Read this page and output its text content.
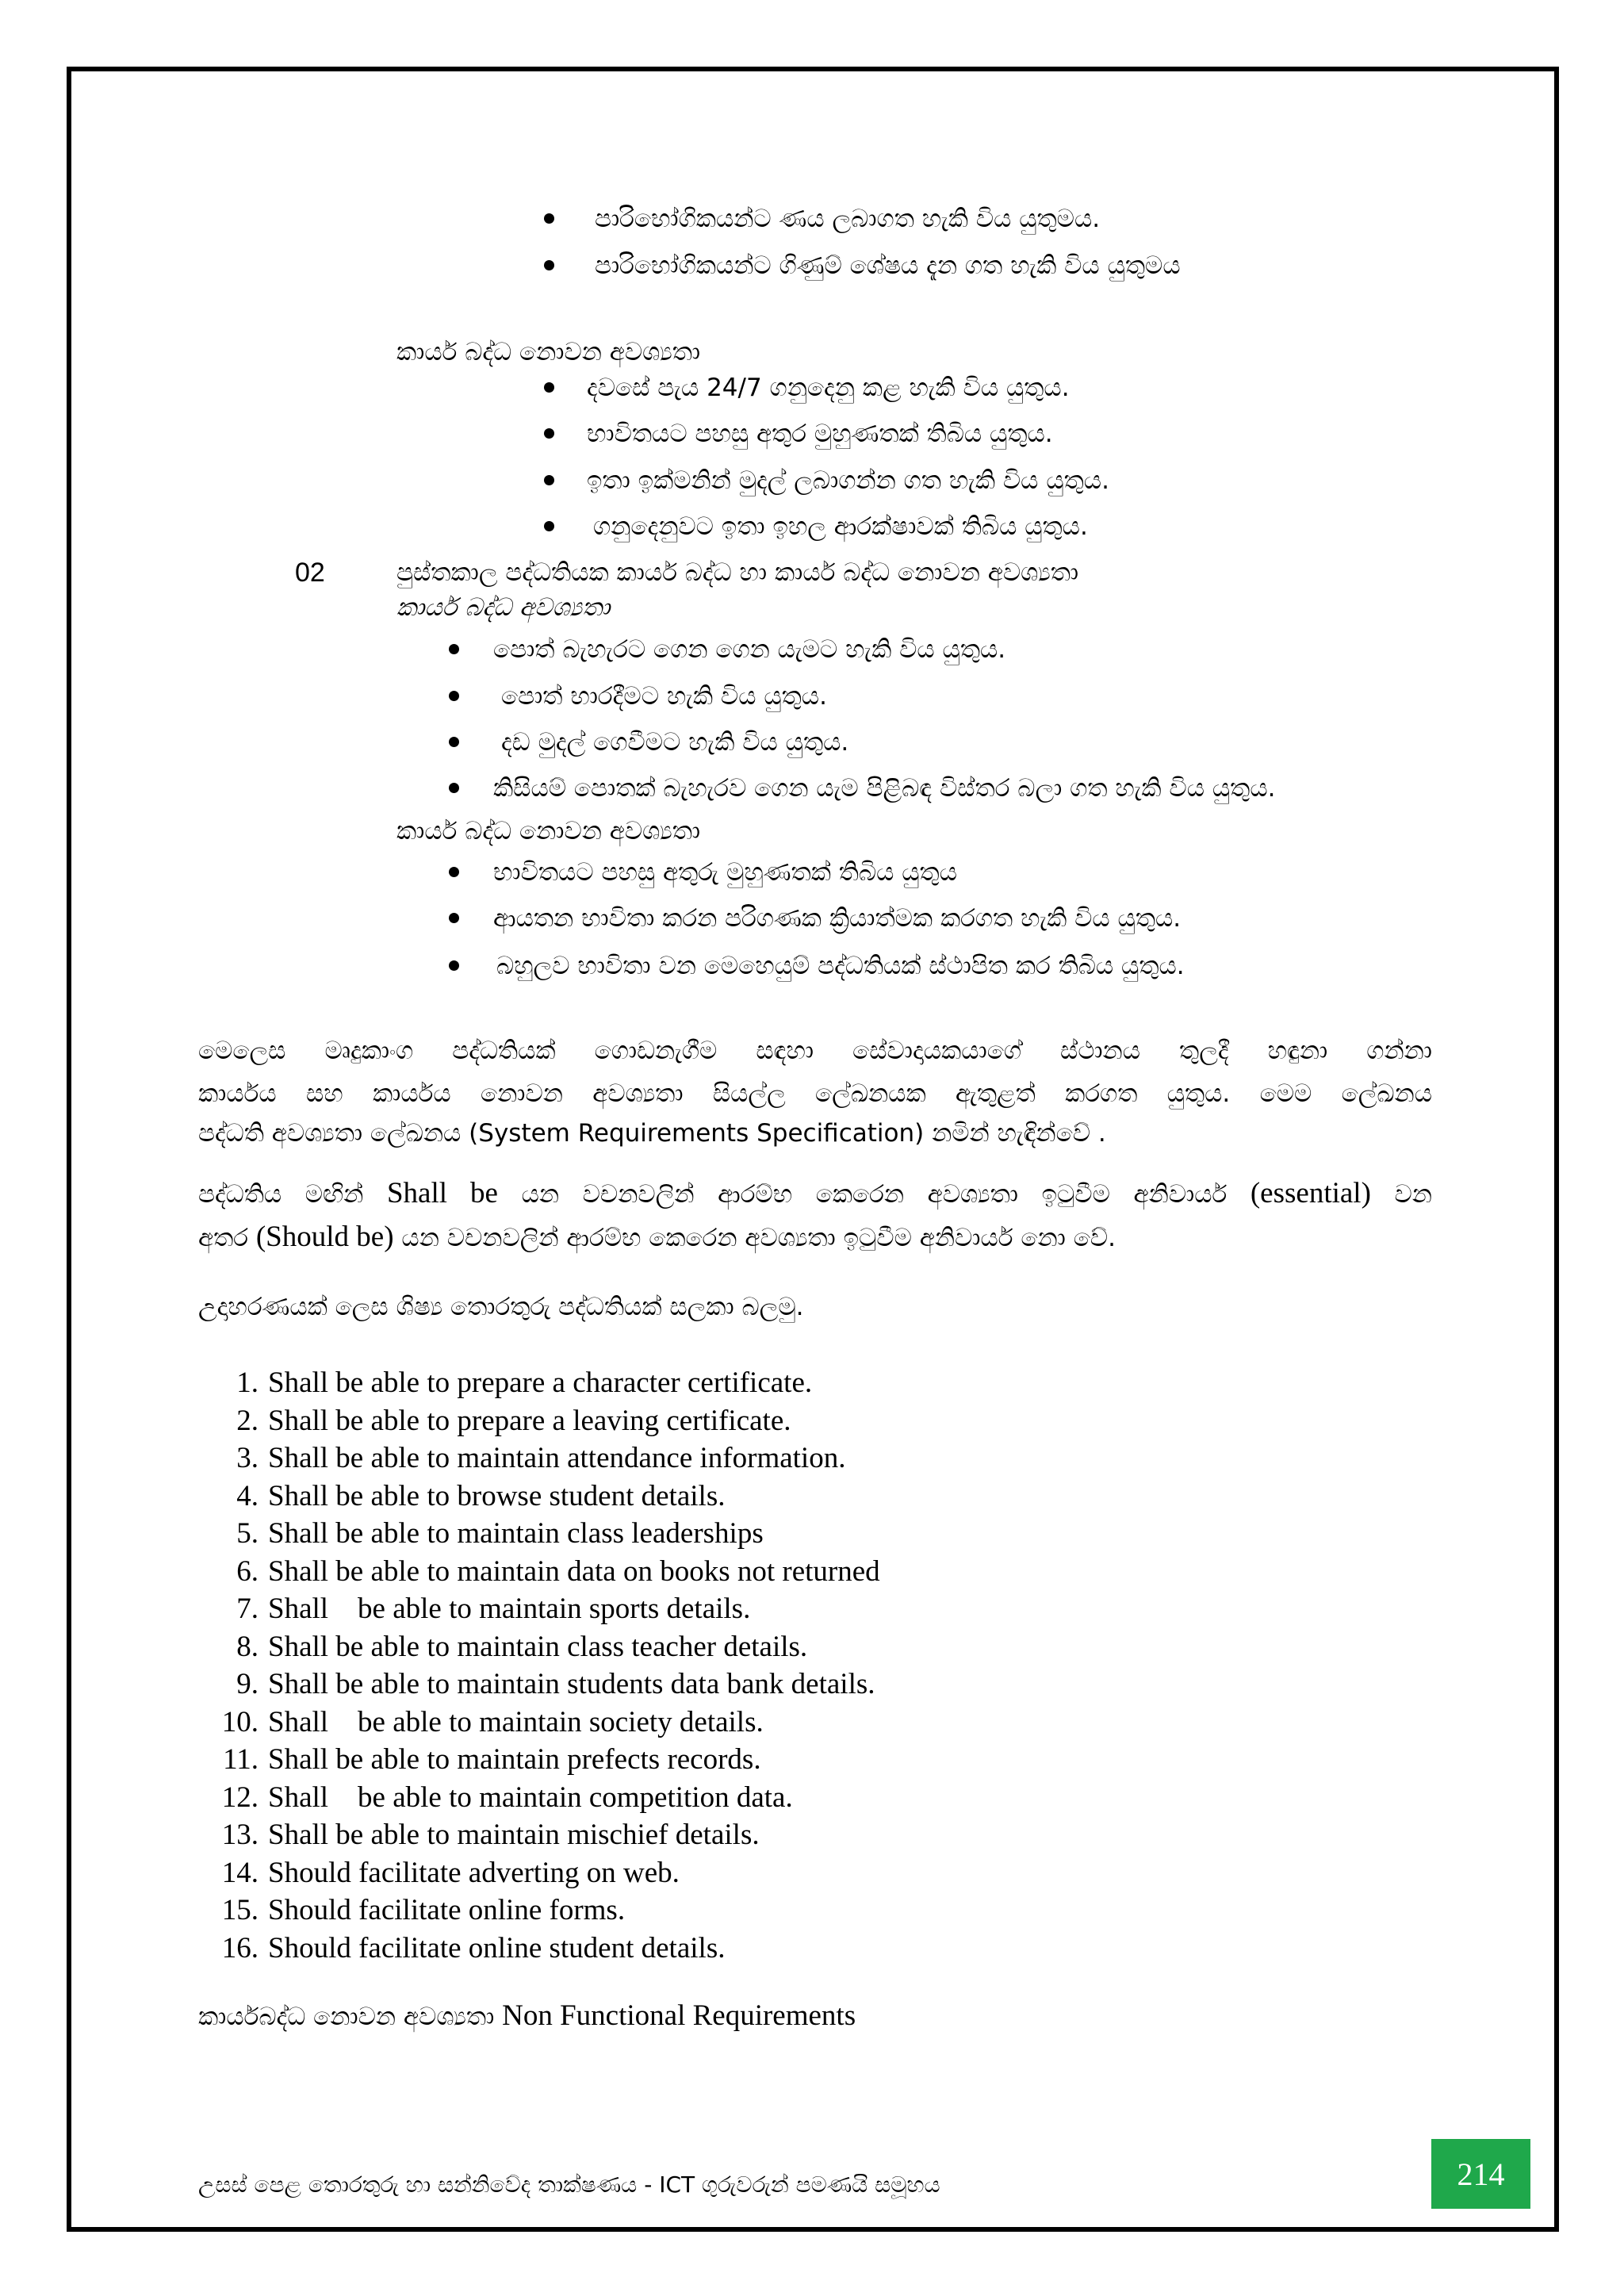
පාරිභෝගිකයන්ට ණය ලබාගත හැකි විය යුතුමය.
පාරිභෝගිකයන්ට ගිණුම් ශේෂය දැන ගත හැකි විය යුතුමය
කාර්ය බද්ධ නොවන අවශ්‍යතා
දවසේ පැය 24/7 ගනුදෙනු කළ හැකි විය යුතුය.
භාවිතයට පහසු අතුර මුහුණතක් තිබිය යුතුය.
ඉතා ඉක්මනින් මුදල් ලබාගන්න ගත හැකි විය යුතුය.
ගනුදෙනුවට ඉතා ඉහල ආරක්ෂාවක් තිබිය යුතුය.
02	පුස්තකාල පද්ධතියක කාර්ය බද්ධ හා කාර්ය බද්ධ නොවන අවශ්‍යතා
කාර්ය බද්ධ අවශ්‍යතා
පොත් බැහැරට ගෙන ගෙන යැමට හැකි විය යුතුය.
පොත් භාරදීමට හැකි විය යුතුය.
දඩ මුදල් ගෙවීමට හැකි විය යුතුය.
කිසියම් පොතක් බැහැරව ගෙන යැම පිළිබඳ විස්තර බලා ගත හැකි විය යුතුය.
කාර්ය බද්ධ නොවන අවශ්‍යතා
භාවිතයට පහසු අතුරු මුහුණතක් තිබිය යුතුය
ආයතන භාවිතා කරන පරිගණක ක්‍රියාත්මක කරගත හැකි විය යුතුය.
බහුලව භාවිතා වන මෙහෙයුම් පද්ධතියක් ස්ථාපිත කර තිබිය යුතුය.
මෙලෙස මෘදුකාංග පද්ධතියක් ගොඩනැගීම සඳහා සේවාදායකයාගේ ස්ථානය තුලදී හඳුනා ගන්නා
කාර්යය සහ කාර්යය නොවන අවශ්‍යතා සියල්ල ලේඛනයක ඇතුළත් කරගත යුතුය. මෙම ලේඛනය
පද්ධති අවශ්‍යතා ලේඛනය (System Requirements Specification) නමින් හැඳින්වේ .
පද්ධතිය මඟින් Shall be යන වචනවලින් ආරම්භ කෙරෙන අවශ්‍යතා ඉටුවීම අනිවාර්ය (essential) වන
අතර (Should be) යන වචනවලින් ආරම්භ කෙරෙන අවශ්‍යතා ඉටුවීම අනිවාර්ය නො වේ.
උදාහරණයක් ලෙස ශිෂ්‍ය තොරතුරු පද්ධතියක් සලකා බලමු.
1. Shall be able to prepare a character certificate.
2. Shall be able to prepare a leaving certificate.
3. Shall be able to maintain attendance information.
4. Shall be able to browse student details.
5. Shall be able to maintain class leaderships
6. Shall be able to maintain data on books not returned
7. Shall    be able to maintain sports details.
8. Shall be able to maintain class teacher details.
9. Shall be able to maintain students data bank details.
10. Shall    be able to maintain society details.
11. Shall be able to maintain prefects records.
12. Shall    be able to maintain competition data.
13. Shall be able to maintain mischief details.
14. Should facilitate adverting on web.
15. Should facilitate online forms.
16. Should facilitate online student details.
කාර්යබද්ධ නොවන අවශ්‍යතා Non Functional Requirements
උසස් පෙළ තොරතුරු හා සන්නිවේද තාක්ෂණය - ICT ගුරුවරුන් පමණයි සමූහය	214
